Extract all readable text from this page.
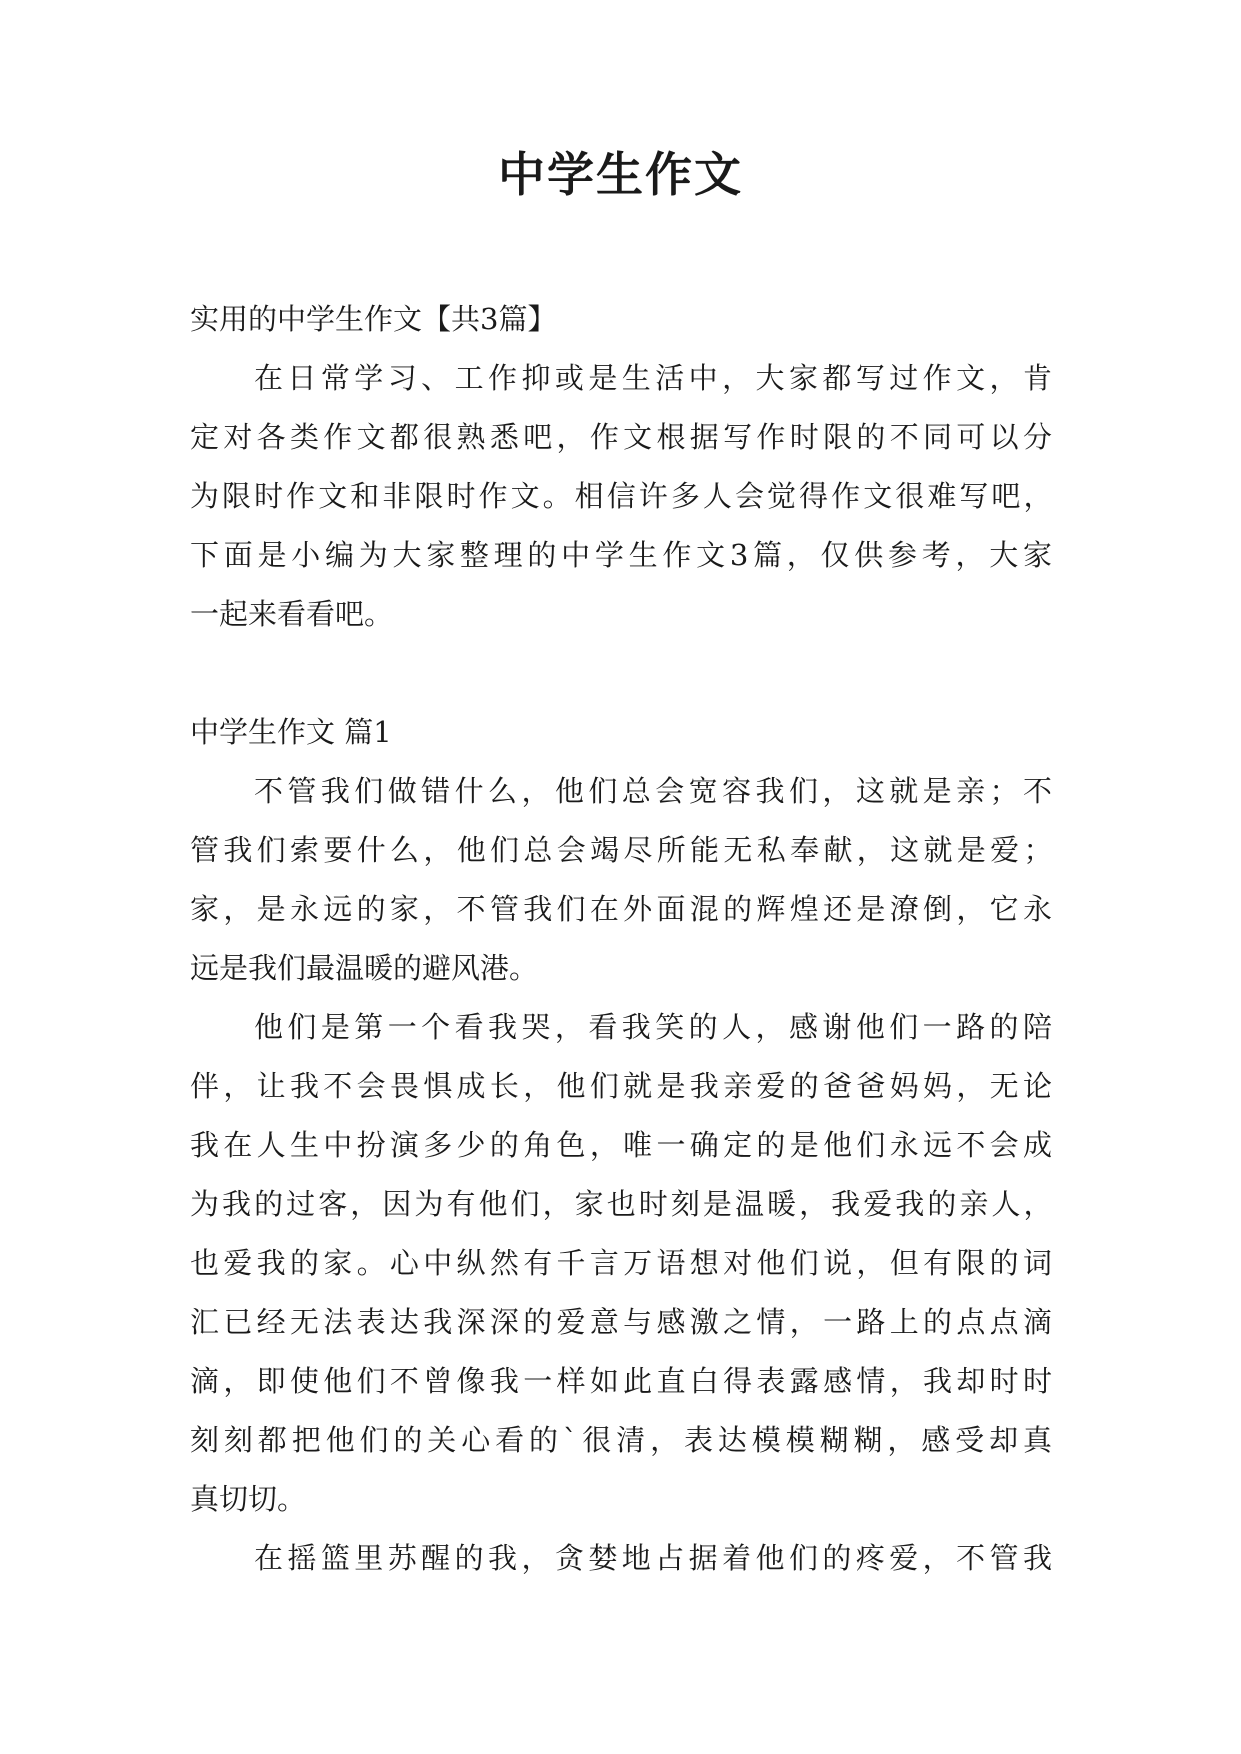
中学生作文
实用的中学生作文【共3篇】
在日常学习、工作抑或是生活中，大家都写过作文，肯
定对各类作文都很熟悉吧，作文根据写作时限的不同可以分
为限时作文和非限时作文。相信许多人会觉得作文很难写吧，
下面是小编为大家整理的中学生作文3篇，仅供参考，大家
一起来看看吧。
中学生作文 篇1
不管我们做错什么，他们总会宽容我们，这就是亲；不
管我们索要什么，他们总会竭尽所能无私奉献，这就是爱；
家，是永远的家，不管我们在外面混的辉煌还是潦倒，它永
远是我们最温暖的避风港。
他们是第一个看我哭，看我笑的人，感谢他们一路的陪
伴，让我不会畏惧成长，他们就是我亲爱的爸爸妈妈，无论
我在人生中扮演多少的角色，唯一确定的是他们永远不会成
为我的过客，因为有他们，家也时刻是温暖，我爱我的亲人，
也爱我的家。心中纵然有千言万语想对他们说，但有限的词
汇已经无法表达我深深的爱意与感激之情，一路上的点点滴
滴，即使他们不曾像我一样如此直白得表露感情，我却时时
刻刻都把他们的关心看的`很清，表达模模糊糊，感受却真
真切切。
在摇篮里苏醒的我，贪婪地占据着他们的疼爱，不管我
